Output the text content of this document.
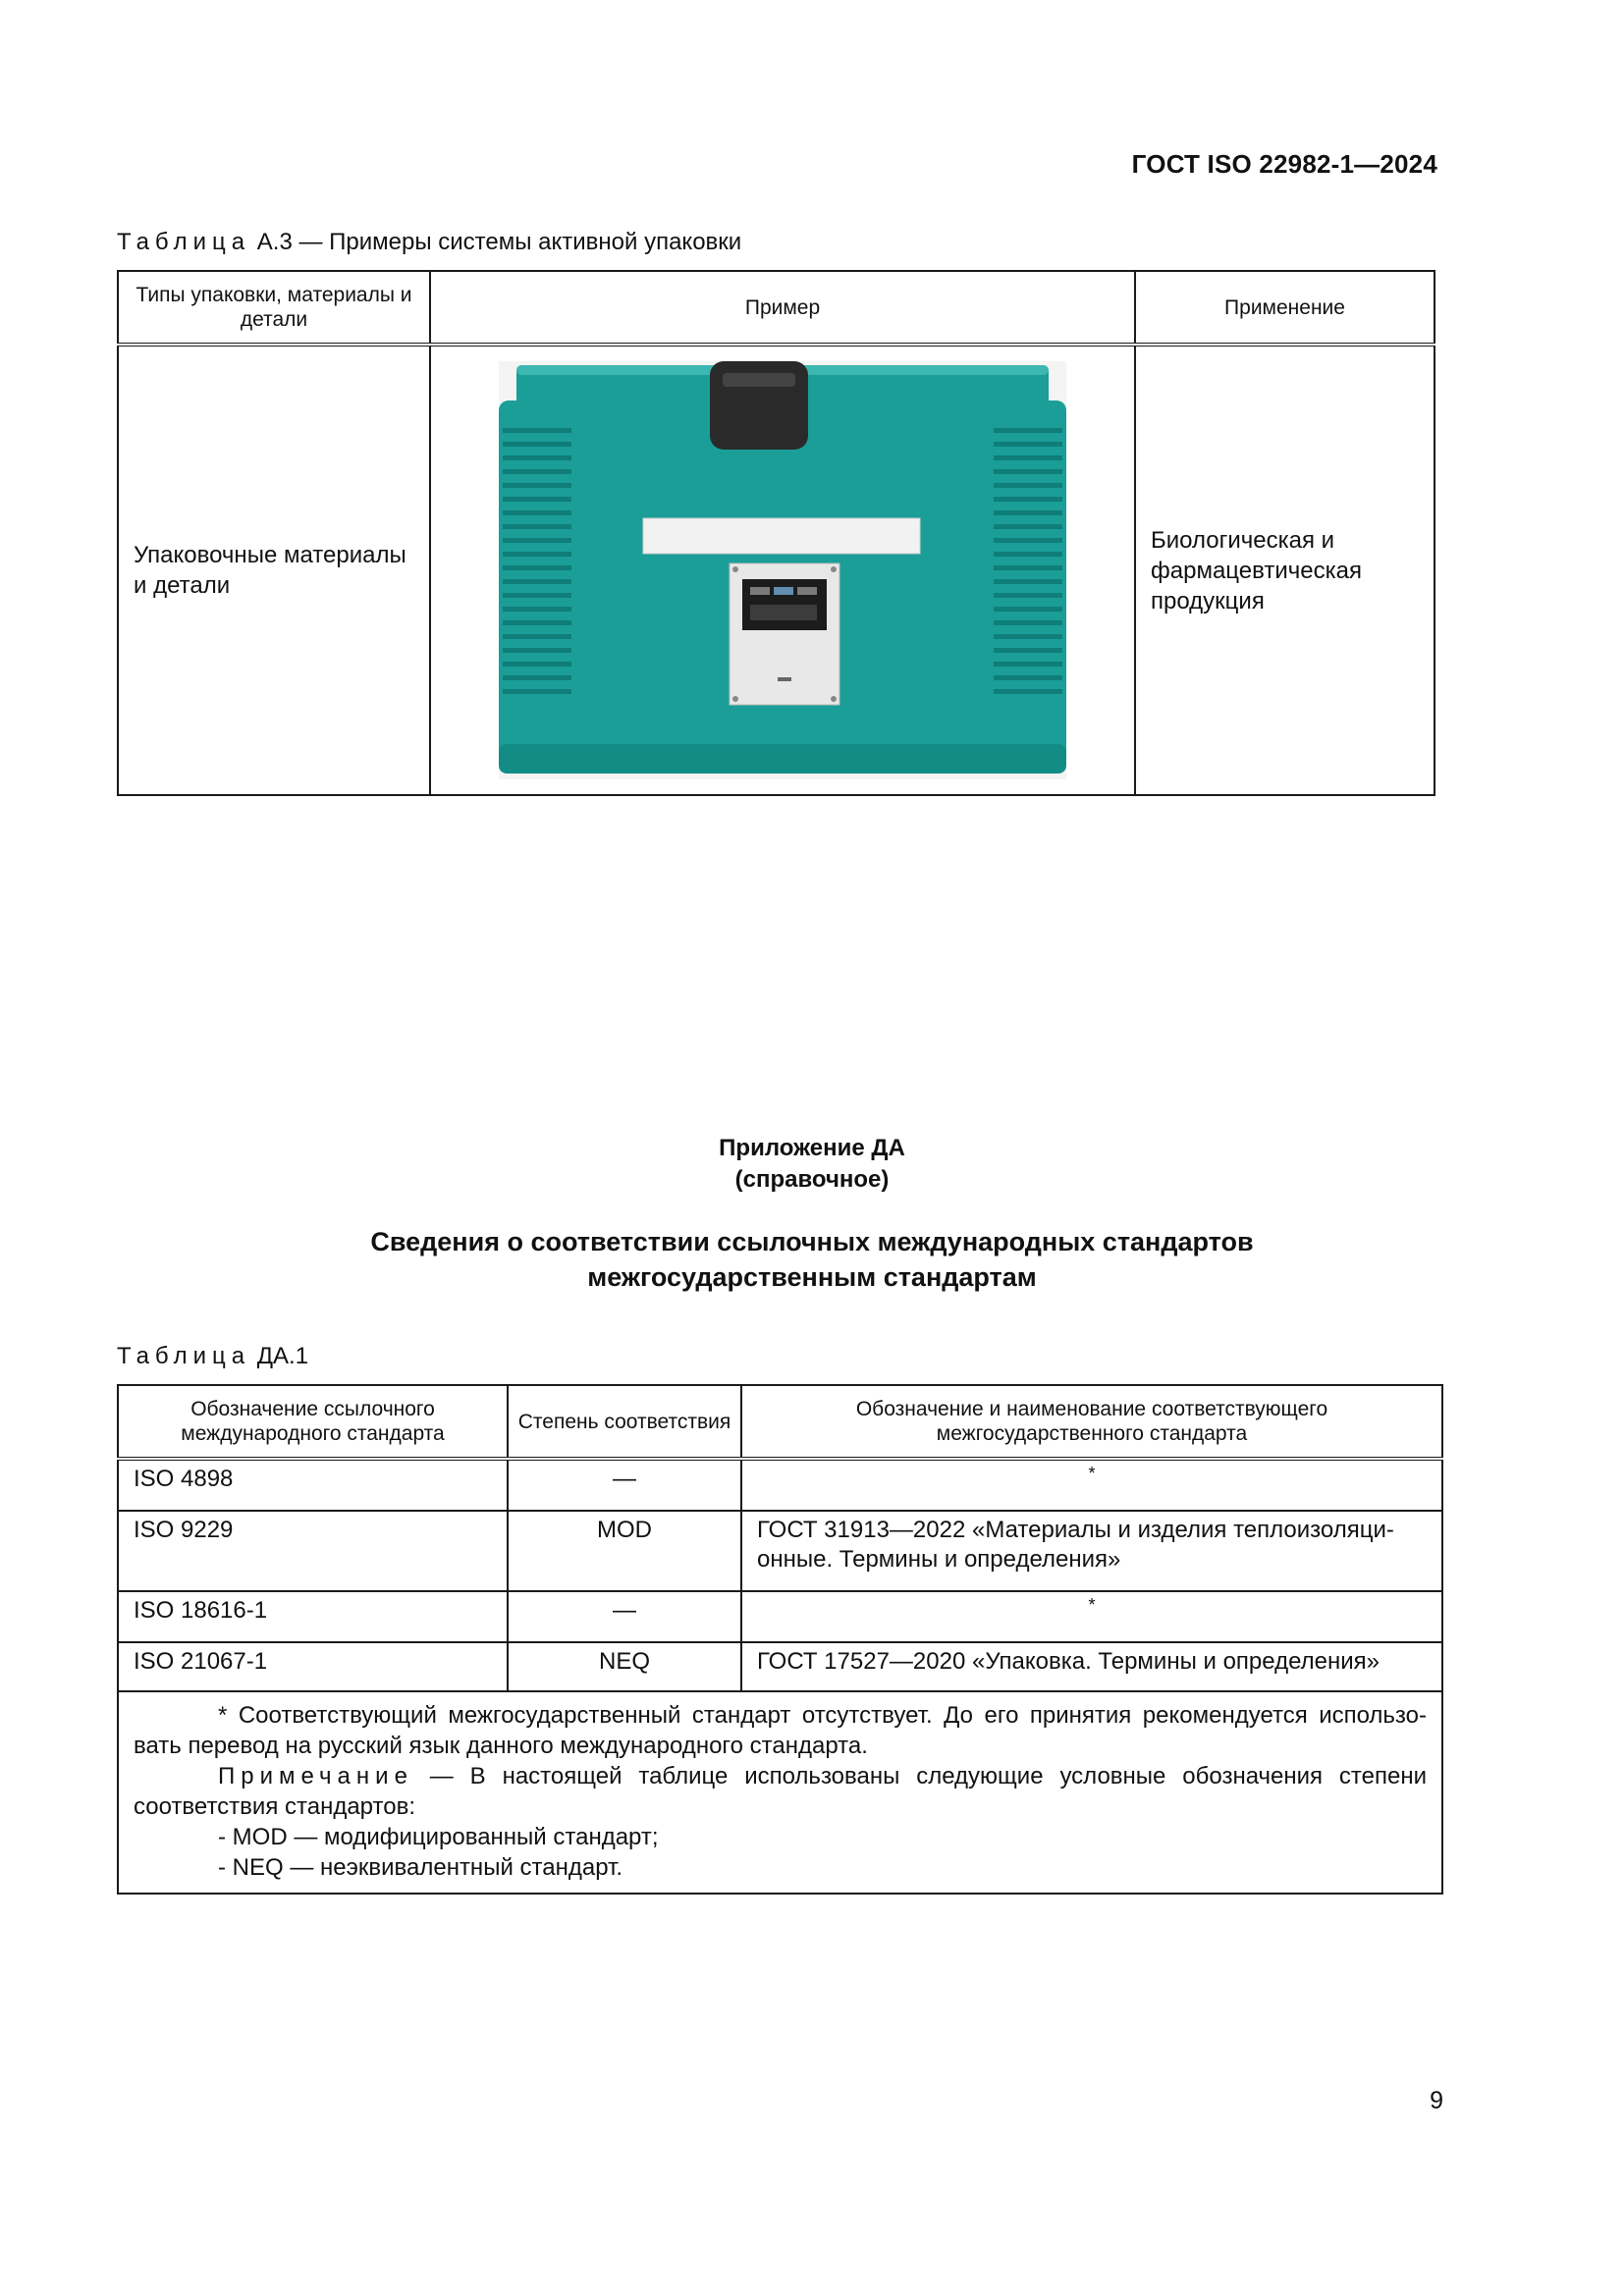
ГОСТ ISO 22982-1—2024
Таблица А.3 — Примеры системы активной упаковки
Типы упаковки, материалы и детали	Пример	Применение
Упаковочные материалы и детали		Биологическая и фармацевтическая продукция
Приложение ДА
(справочное)
Сведения о соответствии ссылочных международных стандартов
межгосударственным стандартам
Таблица ДА.1
Обозначение ссылочного международного стандарта	Степень соответствия	Обозначение и наименование соответствующего межгосударственного стандарта
ISO 4898	—	*
ISO 9229	MOD	ГОСТ 31913—2022 «Материалы и изделия теплоизоляци-онные. Термины и определения»
ISO 18616-1	—	*
ISO 21067-1	NEQ	ГОСТ 17527—2020 «Упаковка. Термины и определения»

* Соответствующий межгосударственный стандарт отсутствует. До его принятия рекомендуется использо-вать перевод на русский язык данного международного стандарта.

Примечание — В настоящей таблице использованы следующие условные обозначения степени соответствия стандартов:

- MOD — модифицированный стандарт;

- NEQ — неэквивалентный стандарт.		

9
